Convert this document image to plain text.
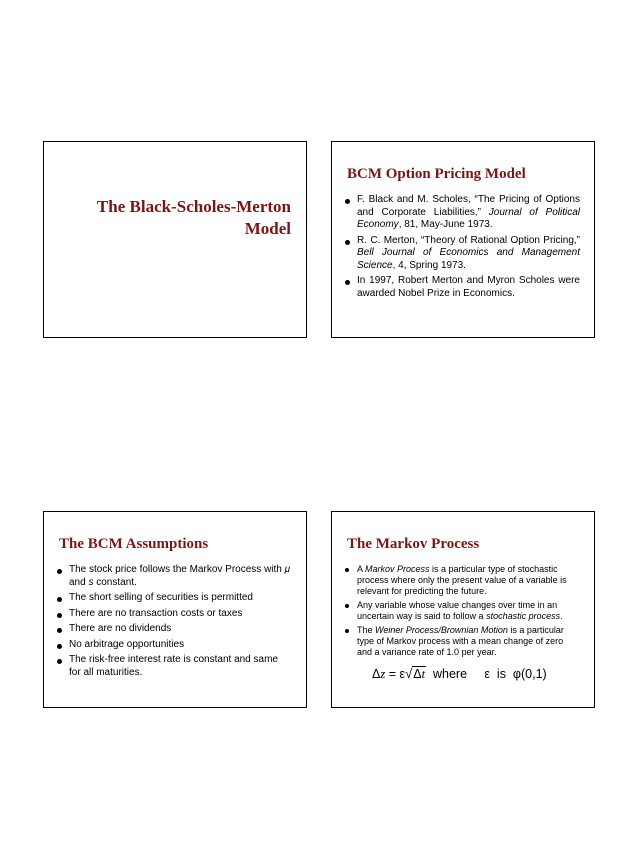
The Black-Scholes-Merton
Model
BCM Option Pricing Model
F. Black and M. Scholes, “The Pricing of Options and Corporate Liabilities,” Journal of Political Economy, 81, May-June 1973.
R. C. Merton, “Theory of Rational Option Pricing,” Bell Journal of Economics and Management Science, 4, Spring 1973.
In 1997, Robert Merton and Myron Scholes were awarded Nobel Prize in Economics.
The BCM Assumptions
The stock price follows the Markov Process with μ and s constant.
The short selling of securities is permitted
There are no transaction costs or taxes
There are no dividends
No arbitrage opportunities
The risk-free interest rate is constant and same for all maturities.
The Markov Process
A Markov Process is a particular type of stochastic process where only the present value of a variable is relevant for predicting the future.
Any variable whose value changes over time in an uncertain way is said to follow a stochastic process.
The Weiner Process/Brownian Motion is a particular type of Markov process with a mean change of zero and a variance rate of 1.0 per year.
Δz = ε√Δt  where     ε  is  φ(0,1)
